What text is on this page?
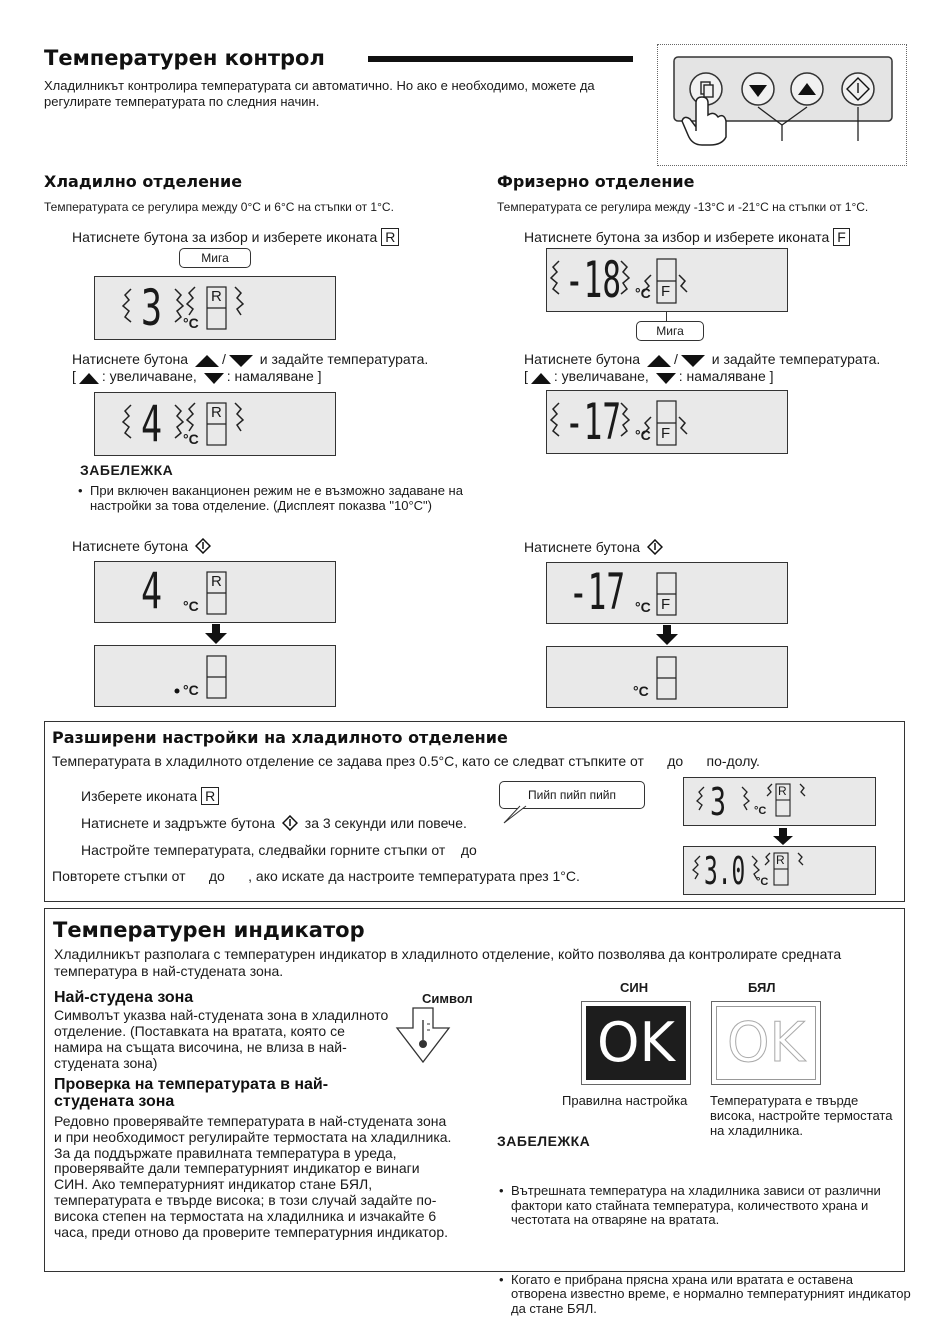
Температурен контрол
Хладилникът контролира температурата си автоматично. Но ако е необходимо, можете да регулирате температурата по следния начин.
Хладилно отделение
Температурата се регулира между 0°C и 6°C на стъпки от 1°C.
Натиснете бутона за избор и изберете иконата R
Мига
3	R
°C
Натиснете бутона / и задайте температурата.
[ : увеличаване, : намаляване ]
4	R
°C
ЗАБЕЛЕЖКА
• При включен ваканционен режим не е възможно задаване на настройки за това отделение. (Дисплеят показва "10°C")
Натиснете бутона
4	R
°C
°C
Фризерно отделение
Температурата се регулира между -13°C и -21°C на стъпки от 1°C.
Натиснете бутона за избор и изберете иконата F
-18	F
°C
Мига
Натиснете бутона / и задайте температурата.
[ : увеличаване, : намаляване ]
-17	F
°C
Натиснете бутона
-17 F
°C
°C
Разширени настройки на хладилното отделение
Температурата в хладилното отделение се задава през 0.5°C, като се следват стъпките от      до      по-долу.
Изберете иконата R
Натиснете и задръжте бутона за 3 секунди или повече.
Настройте температурата, следвайки горните стъпки от    до
Повторете стъпки от      до      , ако искате да настроите температурата през 1°C.
Пийп пийп пийп	3	R
°C
3.0	R
°C
Температурен индикатор
Хладилникът разполага с температурен индикатор в хладилното отделение, който позволява да контролирате средната температура в най-студената зона.
Най-студена зона
Символът указва най-студената зона в хладилното отделение. (Поставката на вратата, която се намира на същата височина, не влиза в най-студената зона)
Символ
Проверка на температурата в най-студената зона
Редовно проверявайте температурата в най-студената зона и при необходимост регулирайте термостата на хладилника. За да поддържате правилната температура в уреда, проверявайте дали температурният индикатор е винаги СИН. Ако температурният индикатор стане БЯЛ, температурата е твърде висока; в този случай задайте по-висока степен на термостата на хладилника и изчакайте 6 часа, преди отново да проверите температурния индикатор.
СИН	БЯЛ
OK OK
Правилна настройка Температурата е твърде висока, настройте термостата на хладилника.
ЗАБЕЛЕЖКА
• Вътрешната температура на хладилника зависи от различни фактори като стайната температура, количеството храна и честотата на отваряне на вратата.
• Когато е прибрана прясна храна или вратата е оставена отворена известно време, е нормално температурният индикатор да стане БЯЛ.
